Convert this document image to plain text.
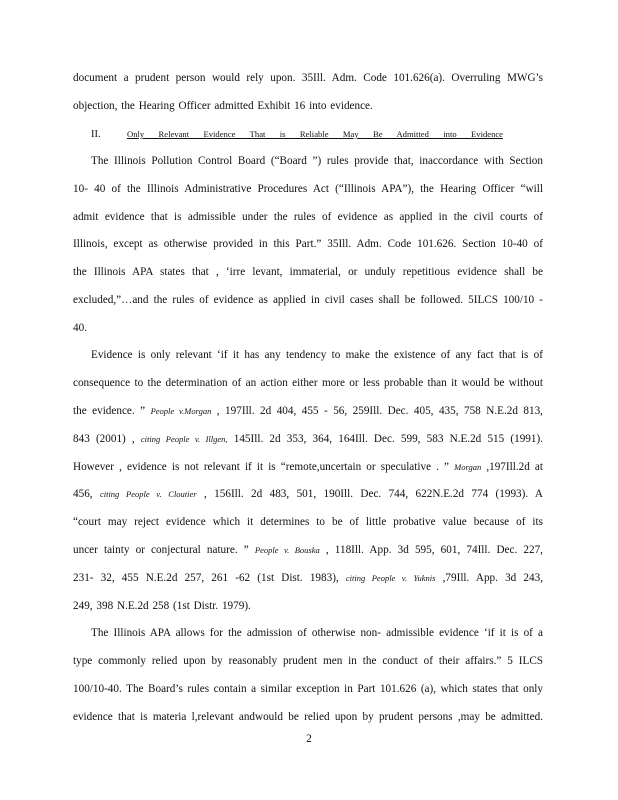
document a prudent person would rely upon. 35Ill. Adm. Code 101.626(a). Overruling MWG’s
objection, the Hearing Officer admitted Exhibit 16 into evidence.
II.	Only Relevant Evidence That is Reliable May Be Admitted into Evidence
The Illinois Pollution Control Board (“Board ”) rules provide that, inaccordance with Section
10- 40 of the Illinois Administrative Procedures Act (“Illinois APA”), the Hearing Officer “will
admit evidence that is admissible under the rules of evidence as applied in the civil courts of
Illinois, except as otherwise provided in this Part.” 35Ill. Adm. Code 101.626. Section 10-40 of
the Illinois APA states that , ‘irre levant, immaterial, or unduly repetitious evidence shall be
excluded,”…and the rules of evidence as applied in civil cases shall be followed. 5ILCS 100/10 -
40.
Evidence is only relevant ‘if it has any tendency to make the existence of any fact that is of
consequence to the determination of an action either more or less probable than it would be without
the evidence. ” People v.Morgan , 197Ill. 2d 404, 455 - 56, 259Ill. Dec. 405, 435, 758 N.E.2d 813,
843 (2001) , citing People v. Illgen, 145Ill. 2d 353, 364, 164Ill. Dec. 599, 583 N.E.2d 515 (1991).
However , evidence is not relevant if it is “remote,uncertain or speculative . ” Morgan ,197Ill.2d at
456, citing People v. Cloutier , 156Ill. 2d 483, 501, 190Ill. Dec. 744, 622N.E.2d 774 (1993). A
“court may reject evidence which it determines to be of little probative value because of its
uncer tainty or conjectural nature. ” People v. Bouska , 118Ill. App. 3d 595, 601, 74Ill. Dec. 227,
231- 32, 455 N.E.2d 257, 261 -62 (1st Dist. 1983), citing People v. Yuknis ,79Ill. App. 3d 243,
249, 398 N.E.2d 258 (1st Distr. 1979).
The Illinois APA allows for the admission of otherwise non- admissible evidence ‘if it is of a
type commonly relied upon by reasonably prudent men in the conduct of their affairs.” 5 ILCS
100/10-40. The Board’s rules contain a similar exception in Part 101.626 (a), which states that only
evidence that is materia l,relevant andwould be relied upon by prudent persons ,may be admitted.
2
